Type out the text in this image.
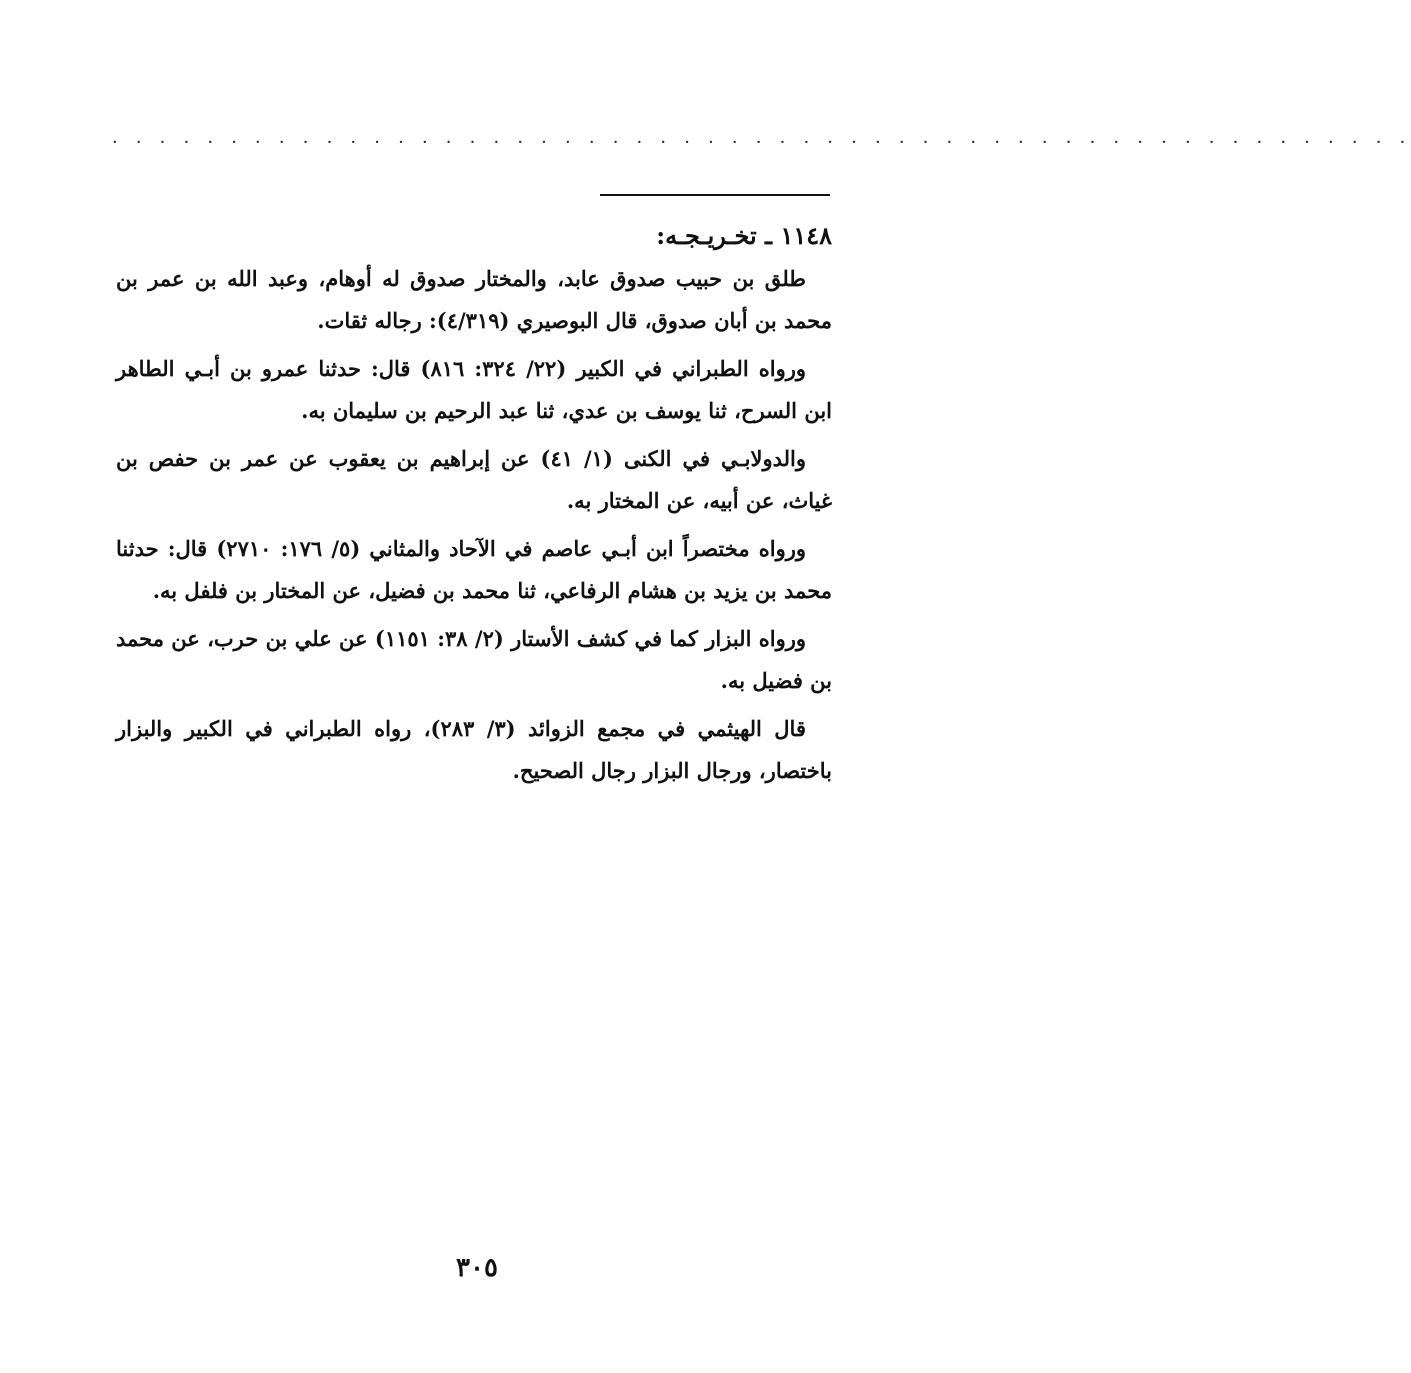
· · · · · · · · · · · · · · · · · · · · · · · · · · · · · · · · · · · · · · · · · · · · · · · · · · · · · · ·
١١٤٨ ـ تخـريـجـه:

طلق بن حبيب صدوق عابد، والمختار صدوق له أوهام، وعبد الله بن عمر بن محمد بن أبان صدوق، قال البوصيري (٤/٣١٩): رجاله ثقات.

ورواه الطبراني في الكبير (٢٢/ ٣٢٤: ٨١٦) قال: حدثنا عمرو بن أبـي الطاهر ابن السرح، ثنا يوسف بن عدي، ثنا عبد الرحيم بن سليمان به.

والدولابـي في الكنى (١/ ٤١) عن إبراهيم بن يعقوب عن عمر بن حفص بن غياث، عن أبيه، عن المختار به.

ورواه مختصراً ابن أبـي عاصم في الآحاد والمثاني (٥/ ١٧٦: ٢٧١٠) قال: حدثنا محمد بن يزيد بن هشام الرفاعي، ثنا محمد بن فضيل، عن المختار بن فلفل به.

ورواه البزار كما في كشف الأستار (٢/ ٣٨: ١١٥١) عن علي بن حرب، عن محمد بن فضيل به.

قال الهيثمي في مجمع الزوائد (٣/ ٢٨٣)، رواه الطبراني في الكبير والبزار باختصار، ورجال البزار رجال الصحيح.

٣٠٥
